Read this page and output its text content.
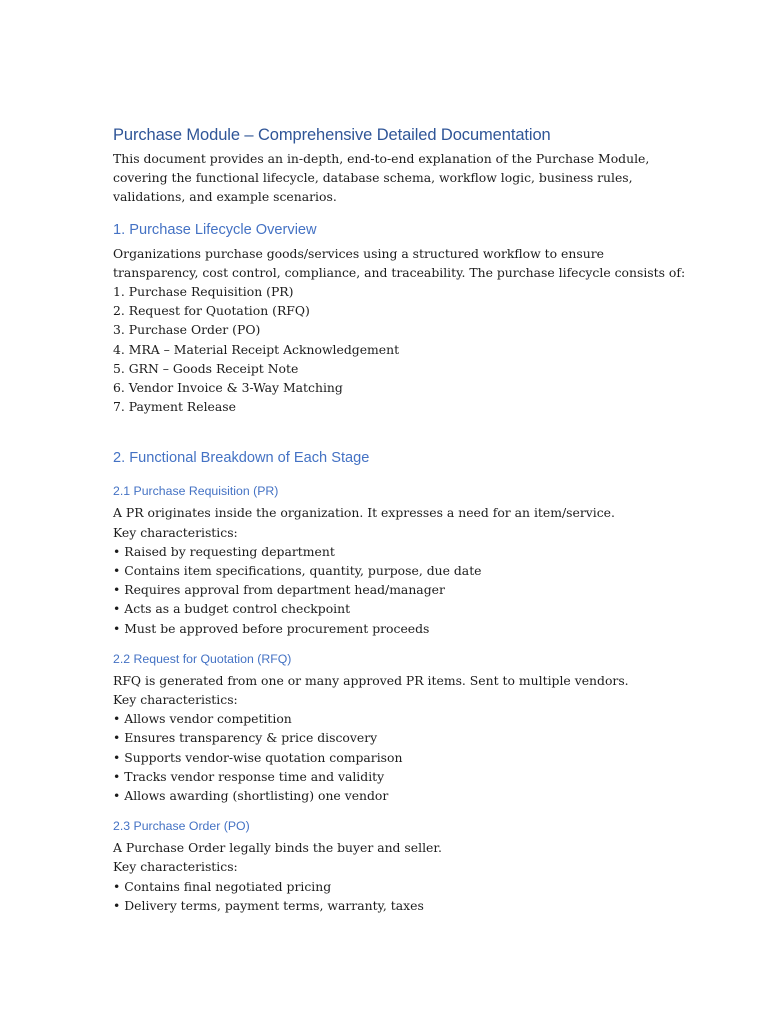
Purchase Module – Comprehensive Detailed Documentation

This document provides an in-depth, end-to-end explanation of the Purchase Module,

covering the functional lifecycle, database schema, workflow logic, business rules,

validations, and example scenarios.

1. Purchase Lifecycle Overview
Organizations purchase goods/services using a structured workflow to ensure
transparency, cost control, compliance, and traceability. The purchase lifecycle consists of:
1. Purchase Requisition (PR)
2. Request for Quotation (RFQ)
3. Purchase Order (PO)
4. MRA – Material Receipt Acknowledgement
5. GRN – Goods Receipt Note
6. Vendor Invoice & 3-Way Matching
7. Payment Release
2. Functional Breakdown of Each Stage
2.1 Purchase Requisition (PR)
A PR originates inside the organization. It expresses a need for an item/service.
Key characteristics:
• Raised by requesting department
• Contains item specifications, quantity, purpose, due date
• Requires approval from department head/manager
• Acts as a budget control checkpoint
• Must be approved before procurement proceeds
2.2 Request for Quotation (RFQ)
RFQ is generated from one or many approved PR items. Sent to multiple vendors.
Key characteristics:
• Allows vendor competition
• Ensures transparency & price discovery
• Supports vendor-wise quotation comparison
• Tracks vendor response time and validity
• Allows awarding (shortlisting) one vendor
2.3 Purchase Order (PO)
A Purchase Order legally binds the buyer and seller.
Key characteristics:
• Contains final negotiated pricing
• Delivery terms, payment terms, warranty, taxes
